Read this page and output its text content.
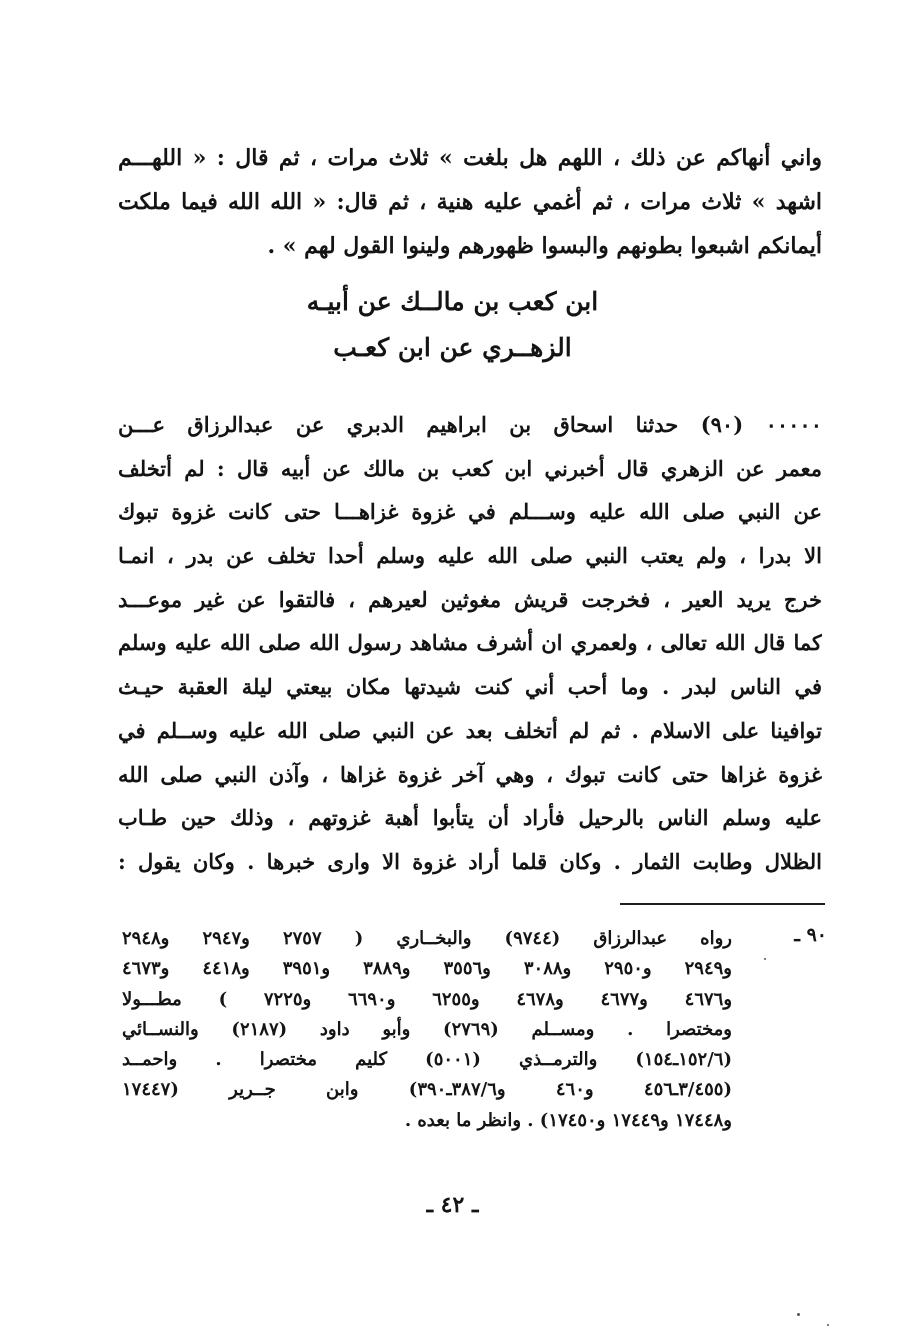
واني أنهاكم عن ذلك ، اللهم هل بلغت » ثلاث مرات ، ثم قال : « اللهـــم
اشهد » ثلاث مرات ، ثم أغمي عليه هنية ، ثم قال: « الله الله فيما ملكت
أيمانكم اشبعوا بطونهم والبسوا ظهورهم ولينوا القول لهم » .
ابن كعب بن مالــك عن أبيـه
الزهــري عن ابن كعـب
٠٠٠٠٠ (٩٠) حدثنا اسحاق بن ابراهيم الدبري عن عبدالرزاق عـــن
معمر عن الزهري قال أخبرني ابن كعب بن مالك عن أبيه قال : لم أتخلف
عن النبي صلى الله عليه وســـلم في غزوة غزاهـــا حتى كانت غزوة تبوك
الا بدرا ، ولم يعتب النبي صلى الله عليه وسلم أحدا تخلف عن بدر ، انمـا
خرج يريد العير ، فخرجت قريش مغوثين لعيرهم ، فالتقوا عن غير موعـــد
كما قال الله تعالى ، ولعمري ان أشرف مشاهد رسول الله صلى الله عليه وسلم
في الناس لبدر . وما أحب أني كنت شيدتها مكان بيعتي ليلة العقبة حيـث
توافينا على الاسلام . ثم لم أتخلف بعد عن النبي صلى الله عليه وســلم في
غزوة غزاها حتى كانت تبوك ، وهي آخر غزوة غزاها ، وآذن النبي صلى الله
عليه وسلم الناس بالرحيل فأراد أن يتأبوا أهبة غزوتهم ، وذلك حين طـاب
الظلال وطابت الثمار . وكان قلما أراد غزوة الا وارى خبرها . وكان يقول :
٩٠ ـ
رواه عبدالرزاق (٩٧٤٤) والبخــاري ( ٢٧٥٧ و٢٩٤٧ و٢٩٤٨
و٢٩٤٩ و٢٩٥٠ و٣٠٨٨ و٣٥٥٦ و٣٨٨٩ و٣٩٥١ و٤٤١٨ و٤٦٧٣
و٤٦٧٦ و٤٦٧٧ و٤٦٧٨ و٦٢٥٥ و٦٦٩٠ و٧٢٢٥ ) مطـــولا
ومختصرا . ومســلم (٢٧٦٩) وأبو داود (٢١٨٧) والنســائي
(١٥٢/٦ـ١٥٤) والترمــذي (٥٠٠١) كليم مختصرا . واحمــد
(٣/٤٥٥ـ٤٥٦ و٤٦٠ و٣٨٧/٦ـ٣٩٠) وابن جــرير (١٧٤٤٧
و١٧٤٤٨ و١٧٤٤٩ و١٧٤٥٠) . وانظر ما بعده .
ـ ٤٢ ـ
